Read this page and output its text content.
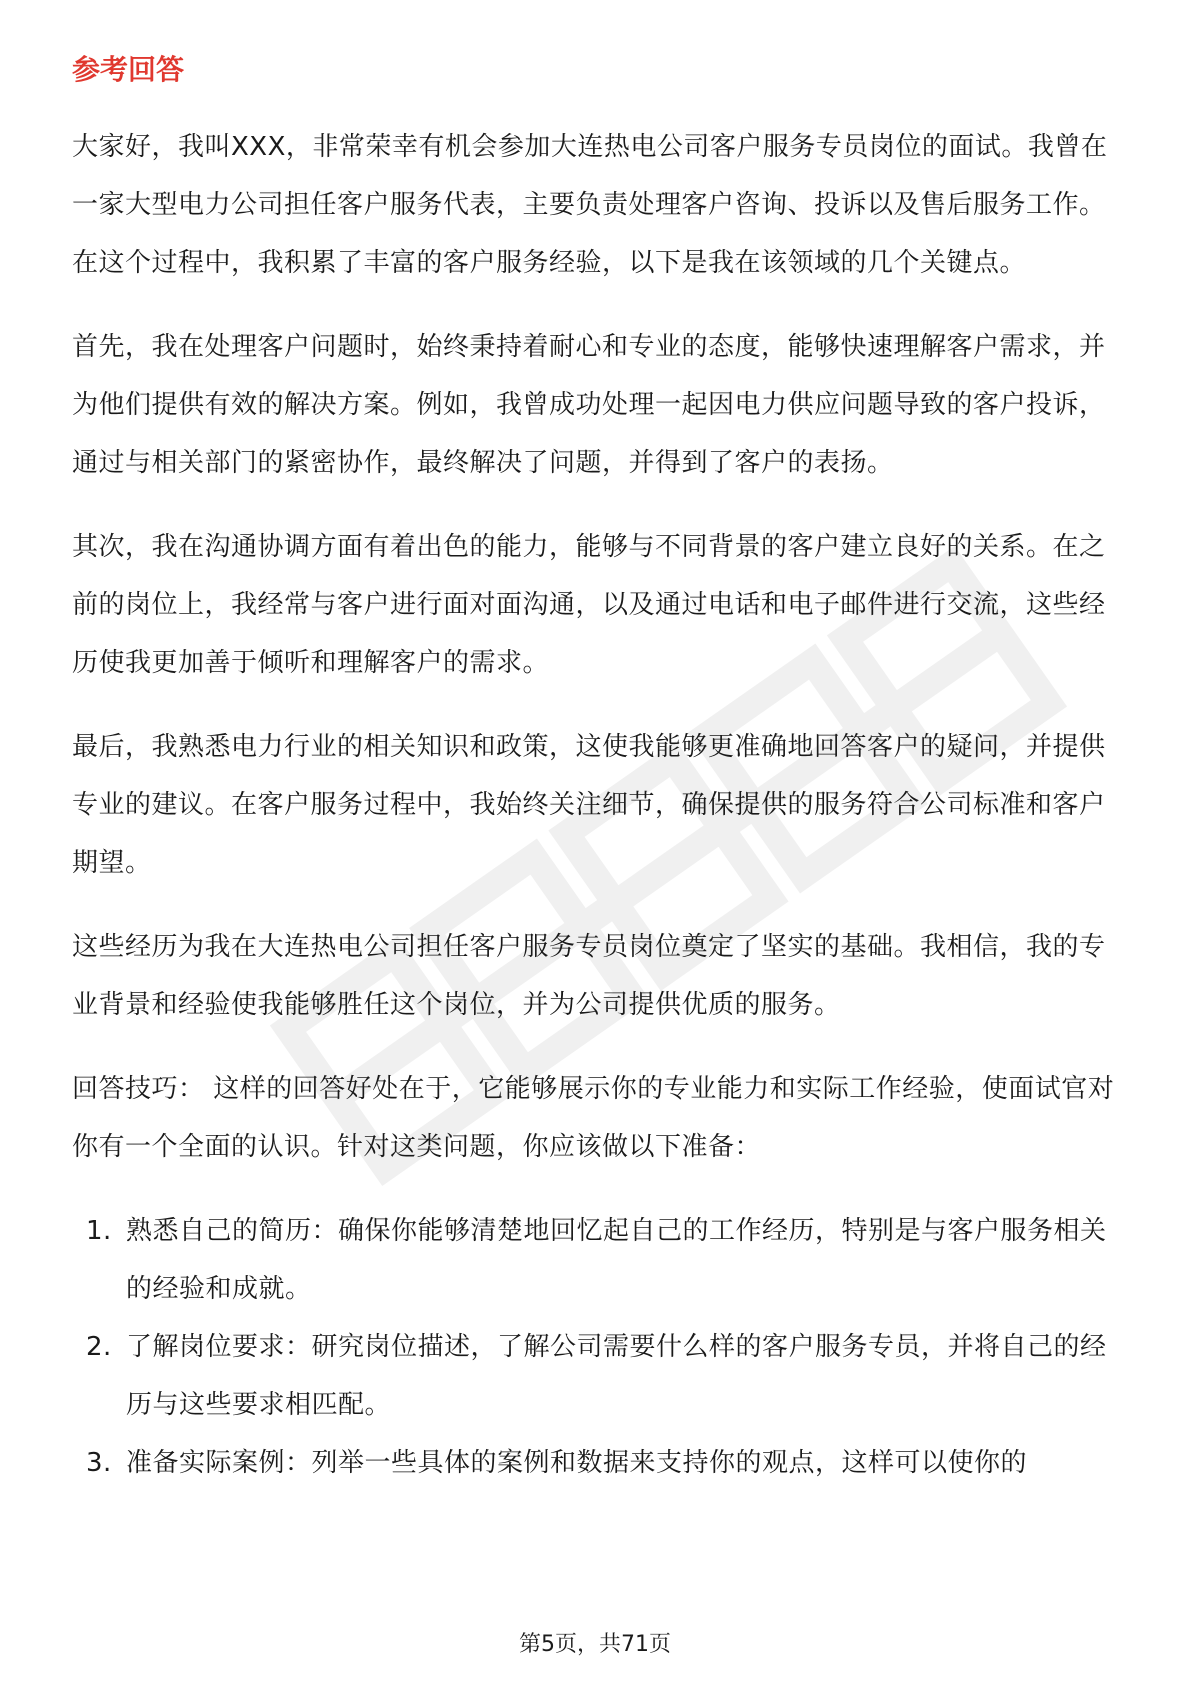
参考回答

大家好，我叫XXX，非常荣幸有机会参加大连热电公司客户服务专员岗位的面试。我曾在一家大型电力公司担任客户服务代表，主要负责处理客户咨询、投诉以及售后服务工作。在这个过程中，我积累了丰富的客户服务经验，以下是我在该领域的几个关键点。

首先，我在处理客户问题时，始终秉持着耐心和专业的态度，能够快速理解客户需求，并为他们提供有效的解决方案。例如，我曾成功处理一起因电力供应问题导致的客户投诉，通过与相关部门的紧密协作，最终解决了问题，并得到了客户的表扬。

其次，我在沟通协调方面有着出色的能力，能够与不同背景的客户建立良好的关系。在之前的岗位上，我经常与客户进行面对面沟通，以及通过电话和电子邮件进行交流，这些经历使我更加善于倾听和理解客户的需求。

最后，我熟悉电力行业的相关知识和政策，这使我能够更准确地回答客户的疑问，并提供专业的建议。在客户服务过程中，我始终关注细节，确保提供的服务符合公司标准和客户期望。

这些经历为我在大连热电公司担任客户服务专员岗位奠定了坚实的基础。我相信，我的专业背景和经验使我能够胜任这个岗位，并为公司提供优质的服务。

回答技巧： 这样的回答好处在于，它能够展示你的专业能力和实际工作经验，使面试官对你有一个全面的认识。针对这类问题，你应该做以下准备：

1. 熟悉自己的简历：确保你能够清楚地回忆起自己的工作经历，特别是与客户服务相关的经验和成就。
2. 了解岗位要求：研究岗位描述，了解公司需要什么样的客户服务专员，并将自己的经历与这些要求相匹配。
3. 准备实际案例：列举一些具体的案例和数据来支持你的观点，这样可以使你的
第5页，共71页
